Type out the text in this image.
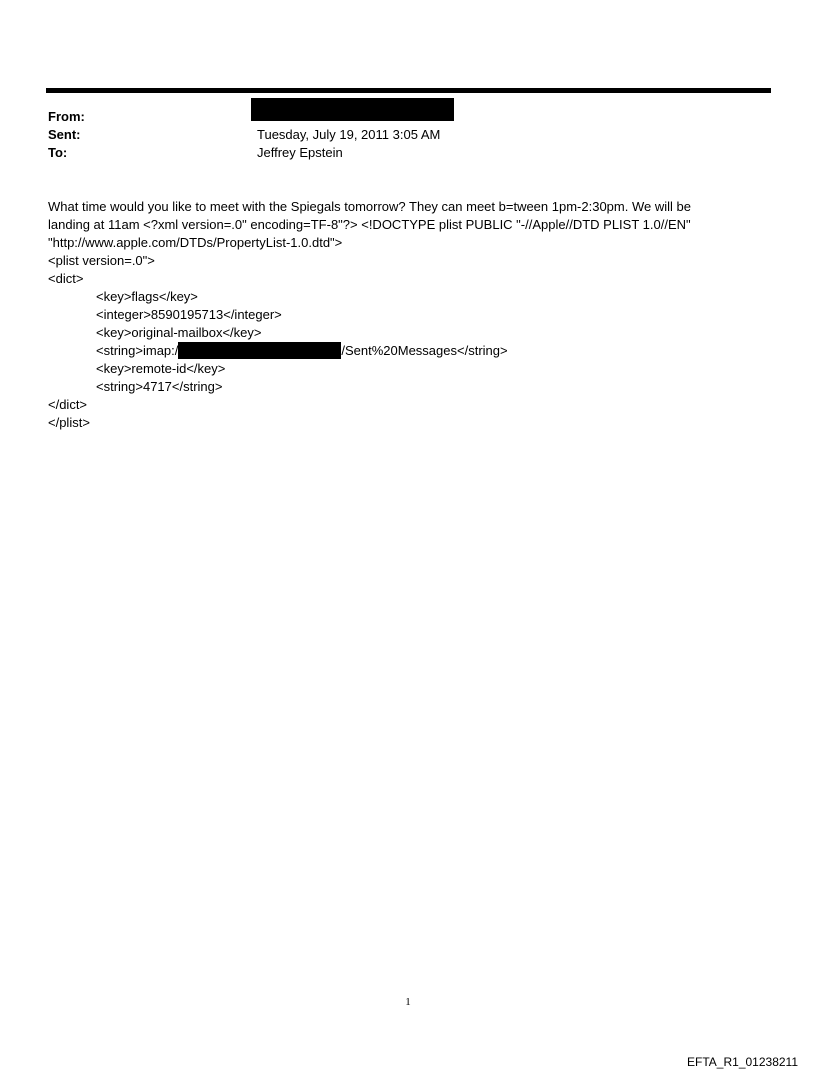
From:
Sent:	Tuesday, July 19, 2011 3:05 AM
To:	Jeffrey Epstein

What time would you like to meet with the Spiegals tomorrow? They can meet b=tween 1pm-2:30pm. We will be

landing at 11am <?xml version=.0" encoding=TF-8"?> <!DOCTYPE plist PUBLIC "-//Apple//DTD PLIST 1.0//EN"

"http://www.apple.com/DTDs/PropertyList-1.0.dtd">

<plist version=.0">

<dict>

<key>flags</key>

<integer>8590195713</integer>

<key>original-mailbox</key>

<string>imap:/	/Sent%20Messages</string>

<key>remote-id</key>

<string>4717</string>

</dict>

</plist>

1
EFTA_R1_01238211
